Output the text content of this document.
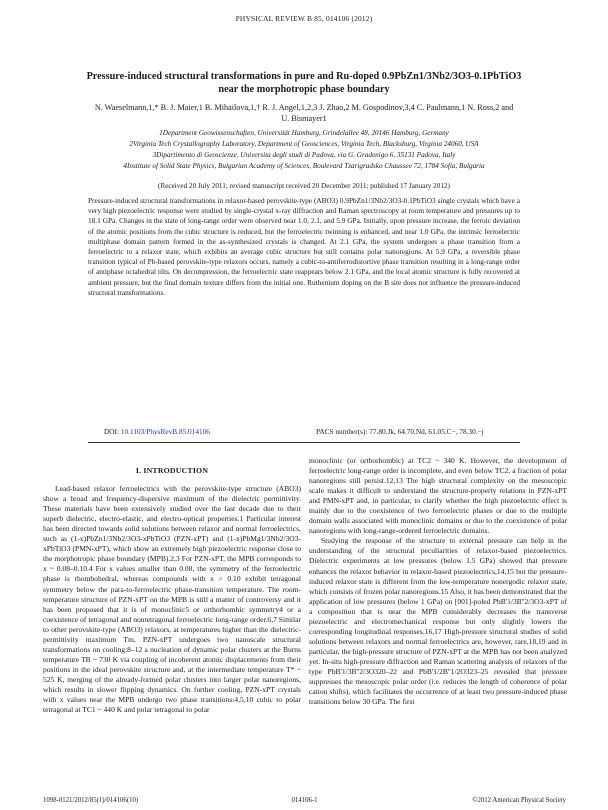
PHYSICAL REVIEW B 85, 014106 (2012)
Pressure-induced structural transformations in pure and Ru-doped 0.9PbZn1/3Nb2/3O3-0.1PbTiO3
near the morphotropic phase boundary
N. Waeselmann,1,* B. J. Maier,1 B. Mihailova,1,† R. J. Angel,1,2,3 J. Zhao,2 M. Gospodinov,3,4 C. Paulmann,1 N. Ross,2 and
U. Bismayer1
1Department Geowissenschaften, Universität Hamburg, Grindelallee 48, 20146 Hamburg, Germany
2Virginia Tech Crystallography Laboratory, Department of Geosciences, Virginia Tech, Blacksburg, Virginia 24060, USA
3Dipartimento di Geoscienze, Universita degli studi di Padova, via G. Gradenigo 6, 35131 Padova, Italy
4Institute of Solid State Physics, Bulgarian Academy of Sciences, Boulevard Tzarigradsko Chaussee 72, 1784 Sofia, Bulgaria
(Received 20 July 2011; revised manuscript received 20 December 2011; published 17 January 2012)

Pressure-induced structural transformations in relaxor-based perovskite-type (ABO3) 0.9PbZn1/3Nb2/3O3-0.1PbTiO3 single crystals which have a very high piezoelectric response were studied by single-crystal x-ray diffraction and Raman spectroscopy at room temperature and pressures up to 18.1 GPa. Changes in the state of long-range order were observed near 1.0, 2.1, and 5.9 GPa. Initially, upon pressure increase, the ferroic deviation of the atomic positions from the cubic structure is reduced, but the ferroelectric twinning is enhanced, and near 1.0 GPa, the intrinsic ferroelectric multiphase domain pattern formed in the as-synthesized crystals is changed. At 2.1 GPa, the system undergoes a phase transition from a ferroelectric to a relaxor state, which exhibits an average cubic structure but still contains polar nanoregions. At 5.9 GPa, a reversible phase transition typical of Pb-based perovskite-type relaxors occurs, namely a cubic-to-antiferrodistortive phase transition resulting in a long-range order of antiphase octahedral tilts. On decompression, the ferroelectric state reappears below 2.1 GPa, and the local atomic structure is fully recovered at ambient pressure, but the final domain texture differs from the initial one. Ruthenium doping on the B site does not influence the pressure-induced structural transformations.

DOI: 10.1103/PhysRevB.85.014106	PACS number(s): 77.80.Jk, 64.70.Nd, 61.05.C−, 78.30.−j
I. INTRODUCTION

Lead-based relaxor ferroelectrics with the perovskite-type structure (ABO3) show a broad and frequency-dispersive maximum of the dielectric permittivity. These materials have been extensively studied over the last decade due to their superb dielectric, electro-elastic, and electro-optical properties.1 Particular interest has been directed towards solid solutions between relaxor and normal ferroelectrics, such as (1-x)PbZn1/3Nb2/3O3-xPbTiO3 (PZN-xPT) and (1-x)PbMg1/3Nb2/3O3-xPbTiO3 (PMN-xPT), which show an extremely high piezoelectric response close to the morphotropic phase boundary (MPB).2,3 For PZN-xPT, the MPB corresponds to x ~ 0.08–0.10.4 For x values smaller than 0.08, the symmetry of the ferroelectric phase is rhombohedral, whereas compounds with x > 0.10 exhibit tetragonal symmetry below the para-to-ferroelectric phase-transition temperature. The room-temperature structure of PZN-xPT on the MPB is still a matter of controversy and it has been proposed that it is of monoclinic5 or orthorhombic symmetry4 or a coexistence of tetragonal and nontetragonal ferroelectric long-range order.6,7 Similar to other perovskite-type (ABO3) relaxors, at temperatures higher than the dielectric-permittivity maximum Tm, PZN-xPT undergoes two nanoscale structural transformations on cooling:8–12 a nucleation of dynamic polar clusters at the Burns temperature TB ~ 730 K via coupling of incoherent atomic displacements from their positions in the ideal perovskite structure and, at the intermediate temperature T* ~ 525 K, merging of the already-formed polar clusters into larger polar nanoregions, which results in slower flipping dynamics. On further cooling, PZN-xPT crystals with x values near the MPB undergo two phase transitions:4,5,10 cubic to polar tetragonal at TC1 ~ 440 K and polar tetragonal to polar

monoclinic (or orthorhombic) at TC2 ~ 340 K. However, the development of ferroelectric long-range order is incomplete, and even below TC2, a fraction of polar nanoregions still persist.12,13 The high structural complexity on the mesoscopic scale makes it difficult to understand the structure-property relations in PZN-xPT and PMN-xPT and, in particular, to clarify whether the high piezoelectric effect is mainly due to the coexistence of two ferroelectric phases or due to the multiple domain walls associated with monoclinic domains or due to the coexistence of polar nanoregions with long-range-ordered ferroelectric domains.

Studying the response of the structure to external pressure can help in the understanding of the structural peculiarities of relaxor-based piezoelectrics. Dielectric experiments at low pressures (below 1.5 GPa) showed that pressure enhances the relaxor behavior in relaxor-based piezoelectrics,14,15 but the pressure-induced relaxor state is different from the low-temperature nonergodic relaxor state, which consists of frozen polar nanoregions.15 Also, it has been demonstrated that the application of low pressures (below 1 GPa) on [001]-poled PbB'1/3B''2/3O3-xPT of a composition that is near the MPB considerably decreases the transverse piezoelectric and electromechanical response but only slightly lowers the corresponding longitudinal responses.16,17 High-pressure structural studies of solid solutions between relaxors and normal ferroelectrics are, however, rare,18,19 and in particular, the high-pressure structure of PZN-xPT at the MPB has not been analyzed yet. In-situ high-pressure diffraction and Raman scattering analysis of relaxors of the type PbB'1/3B''2/3O320–22 and PbB'1/2B''1/2O323–25 revealed that pressure suppresses the mesoscopic polar order (i.e. reduces the length of coherence of polar cation shifts), which facilitates the occurrence of at least two pressure-induced phase transitions below 30 GPa. The first

1098-0121/2012/85(1)/014106(10)	014106-1	©2012 American Physical Society
